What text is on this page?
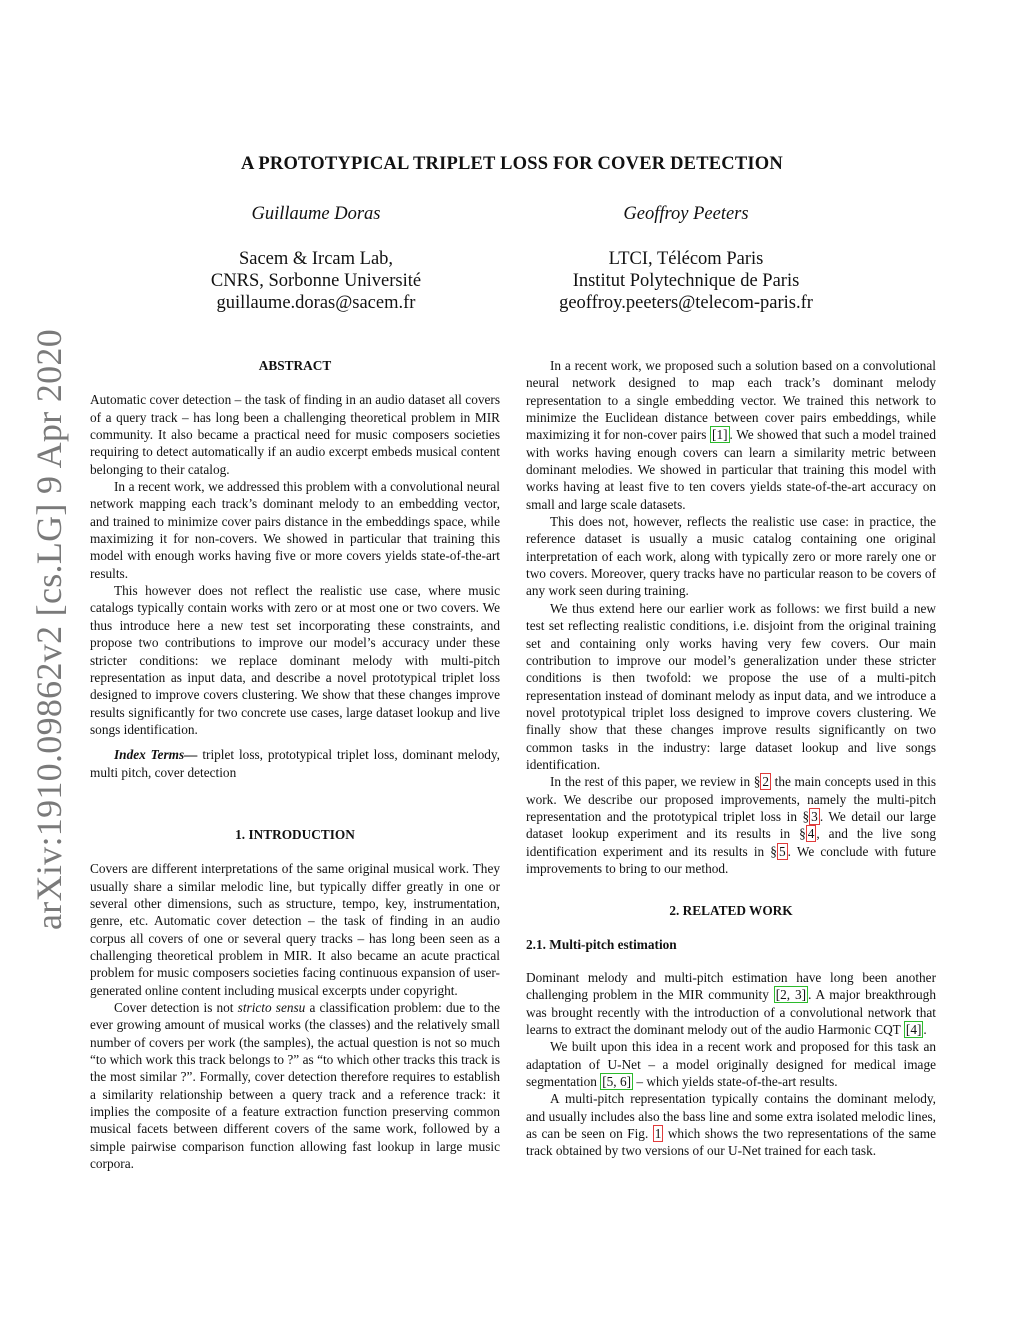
arXiv:1910.09862v2 [cs.LG] 9 Apr 2020
A PROTOTYPICAL TRIPLET LOSS FOR COVER DETECTION
Guillaume Doras
Sacem & Ircam Lab,
CNRS, Sorbonne Université
guillaume.doras@sacem.fr
Geoffroy Peeters
LTCI, Télécom Paris
Institut Polytechnique de Paris
geoffroy.peeters@telecom-paris.fr
ABSTRACT

Automatic cover detection – the task of finding in an audio dataset all covers of a query track – has long been a challenging theoretical problem in MIR community. It also became a practical need for music composers societies requiring to detect automatically if an audio excerpt embeds musical content belonging to their catalog.

In a recent work, we addressed this problem with a convolutional neural network mapping each track’s dominant melody to an embedding vector, and trained to minimize cover pairs distance in the embeddings space, while maximizing it for non-covers. We showed in particular that training this model with enough works having five or more covers yields state-of-the-art results.

This however does not reflect the realistic use case, where music catalogs typically contain works with zero or at most one or two covers. We thus introduce here a new test set incorporating these constraints, and propose two contributions to improve our model’s accuracy under these stricter conditions: we replace dominant melody with multi-pitch representation as input data, and describe a novel prototypical triplet loss designed to improve covers clustering. We show that these changes improve results significantly for two concrete use cases, large dataset lookup and live songs identification.

Index Terms— triplet loss, prototypical triplet loss, dominant melody, multi pitch, cover detection

1. INTRODUCTION

Covers are different interpretations of the same original musical work. They usually share a similar melodic line, but typically differ greatly in one or several other dimensions, such as structure, tempo, key, instrumentation, genre, etc. Automatic cover detection – the task of finding in an audio corpus all covers of one or several query tracks – has long been seen as a challenging theoretical problem in MIR. It also became an acute practical problem for music composers societies facing continuous expansion of user-generated online content including musical excerpts under copyright.

Cover detection is not stricto sensu a classification problem: due to the ever growing amount of musical works (the classes) and the relatively small number of covers per work (the samples), the actual question is not so much “to which work this track belongs to ?” as “to which other tracks this track is the most similar ?”. Formally, cover detection therefore requires to establish a similarity relationship between a query track and a reference track: it implies the composite of a feature extraction function preserving common musical facets between different covers of the same work, followed by a simple pairwise comparison function allowing fast lookup in large music corpora.

In a recent work, we proposed such a solution based on a convolutional neural network designed to map each track’s dominant melody representation to a single embedding vector. We trained this network to minimize the Euclidean distance between cover pairs embeddings, while maximizing it for non-cover pairs [1] . We showed that such a model trained with works having enough covers can learn a similarity metric between dominant melodies. We showed in particular that training this model with works having at least five to ten covers yields state-of-the-art accuracy on small and large scale datasets.

This does not, however, reflects the realistic use case: in practice, the reference dataset is usually a music catalog containing one original interpretation of each work, along with typically zero or more rarely one or two covers. Moreover, query tracks have no particular reason to be covers of any work seen during training.

We thus extend here our earlier work as follows: we first build a new test set reflecting realistic conditions, i.e. disjoint from the original training set and containing only works having very few covers. Our main contribution to improve our model’s generalization under these stricter conditions is then twofold: we propose the use of a multi-pitch representation instead of dominant melody as input data, and we introduce a novel prototypical triplet loss designed to improve covers clustering. We finally show that these changes improve results significantly on two common tasks in the industry: large dataset lookup and live songs identification.

In the rest of this paper, we review in § 2 the main concepts used in this work. We describe our proposed improvements, namely the multi-pitch representation and the prototypical triplet loss in § 3 . We detail our large dataset lookup experiment and its results in § 4 , and the live song identification experiment and its results in § 5 . We conclude with future improvements to bring to our method.

2. RELATED WORK
2.1. Multi-pitch estimation

Dominant melody and multi-pitch estimation have long been another challenging problem in the MIR community [2, 3] . A major breakthrough was brought recently with the introduction of a convolutional network that learns to extract the dominant melody out of the audio Harmonic CQT [4] .

We built upon this idea in a recent work and proposed for this task an adaptation of U-Net – a model originally designed for medical image segmentation [5, 6] – which yields state-of-the-art results.

A multi-pitch representation typically contains the dominant melody, and usually includes also the bass line and some extra isolated melodic lines, as can be seen on Fig. 1 which shows the two representations of the same track obtained by two versions of our U-Net trained for each task.
